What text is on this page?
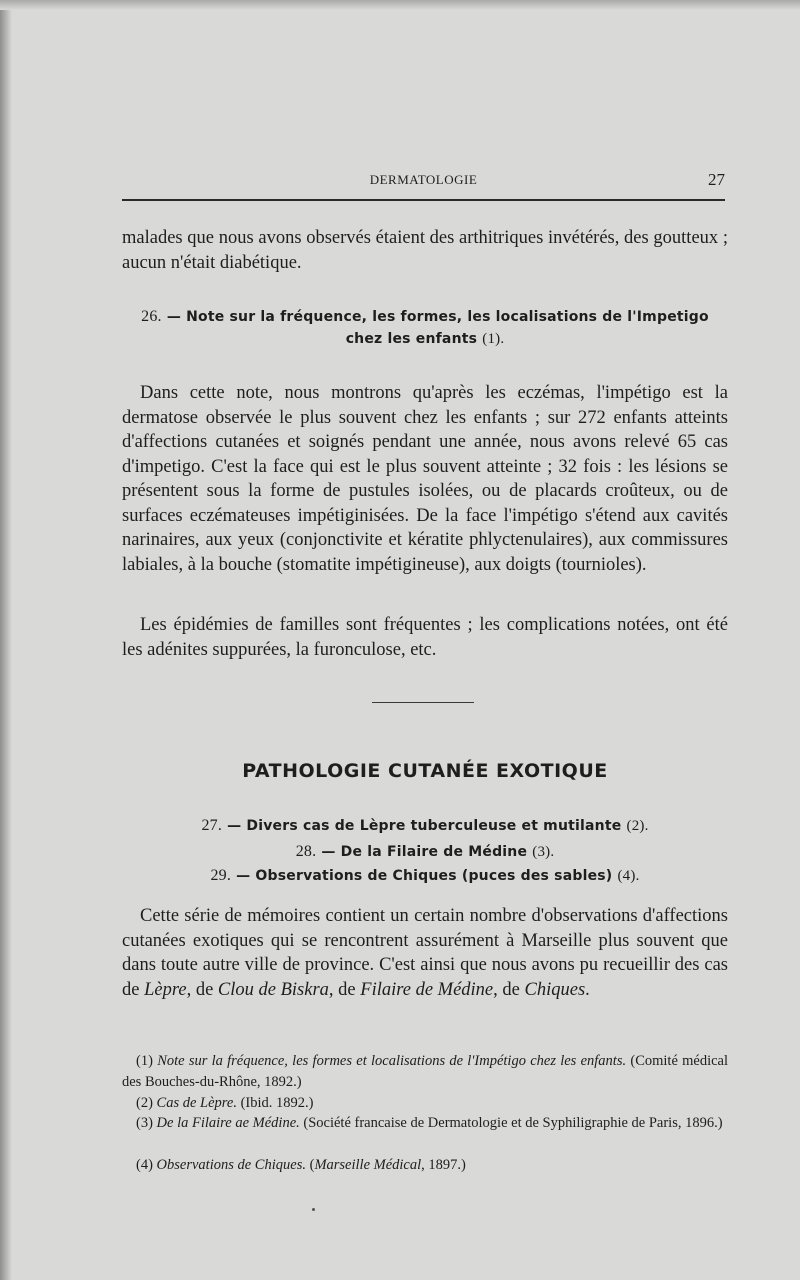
DERMATOLOGIE	27

malades que nous avons observés étaient des arthitriques invétérés, des goutteux ; aucun n'était diabétique.

26. — Note sur la fréquence, les formes, les localisations de l'Impetigo
chez les enfants (1).

Dans cette note, nous montrons qu'après les eczémas, l'impétigo est la dermatose observée le plus souvent chez les enfants ; sur 272 enfants atteints d'affections cutanées et soignés pendant une année, nous avons relevé 65 cas d'impetigo. C'est la face qui est le plus souvent atteinte ; 32 fois : les lésions se présentent sous la forme de pustules isolées, ou de placards croûteux, ou de surfaces eczémateuses impétiginisées. De la face l'impétigo s'étend aux cavités narinaires, aux yeux (conjonctivite et kératite phlyctenulaires), aux commissures labiales, à la bouche (stomatite impétigineuse), aux doigts (tournioles).

Les épidémies de familles sont fréquentes ; les complications notées, ont été les adénites suppurées, la furonculose, etc.

PATHOLOGIE CUTANÉE EXOTIQUE
27. — Divers cas de Lèpre tuberculeuse et mutilante (2).
28. — De la Filaire de Médine (3).
29. — Observations de Chiques (puces des sables) (4).

Cette série de mémoires contient un certain nombre d'observations d'affections cutanées exotiques qui se rencontrent assurément à Marseille plus souvent que dans toute autre ville de province. C'est ainsi que nous avons pu recueillir des cas de Lèpre, de Clou de Biskra, de Filaire de Médine, de Chiques.

(1) Note sur la fréquence, les formes et localisations de l'Impétigo chez les enfants. (Comité médical des Bouches-du-Rhône, 1892.)

(2) Cas de Lèpre. (Ibid. 1892.)

(3) De la Filaire ae Médine. (Société francaise de Dermatologie et de Syphiligraphie de Paris, 1896.)

(4) Observations de Chiques. (Marseille Médical, 1897.)
